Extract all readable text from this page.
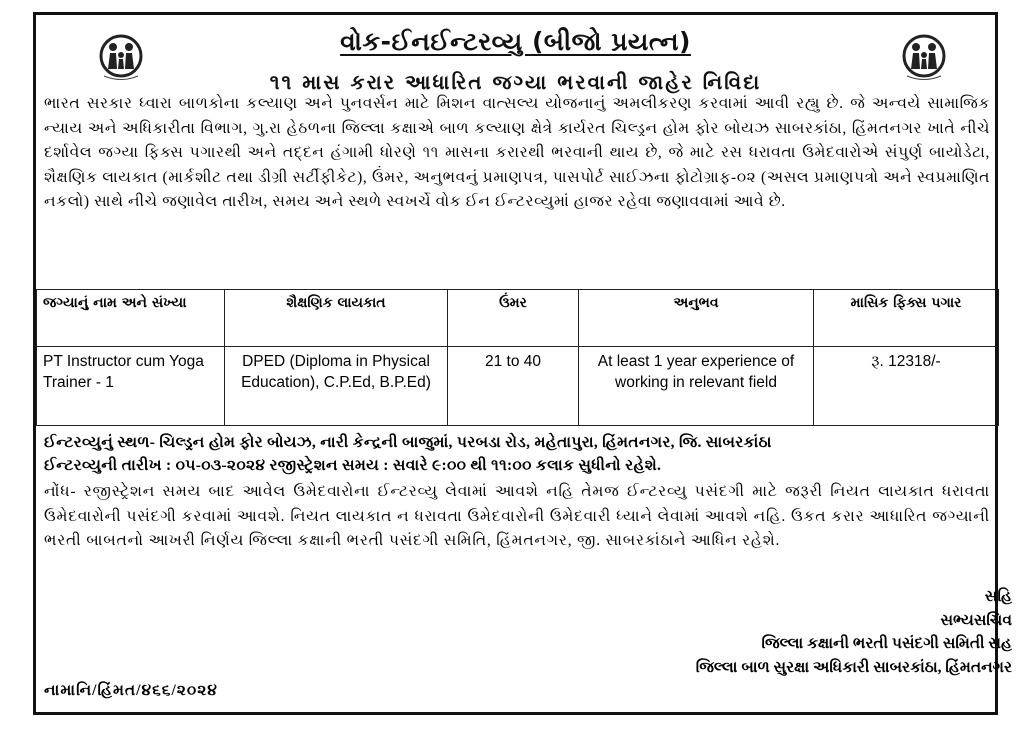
વોક-ઈનઈન્ટરવ્યુ (બીજો પ્રયત્ન)
૧૧ માસ કરાર આધારિત જગ્યા ભરવાની જાહેર નિવિદા
ભારત સરકાર ધ્વારા બાળકોના કલ્યાણ અને પુનવર્સન માટે મિશન વાત્સલ્ય યોજનાનું અમલીકરણ કરવામાં આવી રહ્યુ છે. જે અન્વયે સામાજિક ન્યાય અને અધિકારીતા વિભાગ, ગુ.રા હેઠળના જિલ્લા કક્ષાએ બાળ કલ્યાણ ક્ષેત્રે કાર્યરત ચિલ્ડ્રન હોમ ફોર બોયઝ સાબરકાંઠા, હિંમતનગર ખાતે નીચે દર્શાવેલ જગ્યા ફિક્સ પગારથી અને તદ્દન હંગામી ધોરણે ૧૧ માસના કરારથી ભરવાની થાય છે, જે માટે રસ ધરાવતા ઉમેદવારોએ સંપુર્ણ બાયોડેટા, શૈક્ષણિક લાયકાત (માર્કશીટ તથા ડીગ્રી સર્ટીફીકેટ), ઉંમર, અનુભવનું પ્રમાણપત્ર, પાસપોર્ટ સાઈઝના ફોટોગ્રાફ-૦૨ (અસલ પ્રમાણપત્રો અને સ્વપ્રમાણિત નકલો) સાથે નીચે જણાવેલ તારીખ, સમય અને સ્થળે સ્વખર્ચે વોક ઈન ઈન્ટરવ્યુમાં હાજર રહેવા જણાવવામાં આવે છે.
જગ્યાનું નામ અને સંખ્યા	શૈક્ષણિક લાયકાત	ઉંમર	અનુભવ	માસિક ફિક્સ પગાર
PT Instructor cum Yoga Trainer - 1	DPED (Diploma in Physical Education), C.P.Ed, B.P.Ed)	21 to 40	At least 1 year experience of working in relevant field	રૂ. 12318/-
ઈન્ટરવ્યુનું સ્થળ- ચિલ્ડ્રન હોમ ફોર બોયઝ, નારી કેન્દ્રની બાજુમાં, પરબડા રોડ, મહેતાપુરા, હિંમતનગર, જિ. સાબરકાંઠા
ઈન્ટરવ્યુની તારીખ : ૦૫-૦૩-૨૦૨૪ રજીસ્ટ્રેશન સમય : સવારે ૯:૦૦ થી ૧૧:૦૦ કલાક સુધીનો રહેશે.
નોંધ- રજીસ્ટ્રેશન સમય બાદ આવેલ ઉમેદવારોના ઈન્ટરવ્યુ લેવામાં આવશે નહિ તેમજ ઈન્ટરવ્યુ પસંદગી માટે જરૂરી નિયત લાયકાત ધરાવતા ઉમેદવારોની પસંદગી કરવામાં આવશે. નિયત લાયકાત ન ધરાવતા ઉમેદવારોની ઉમેદવારી ધ્યાને લેવામાં આવશે નહિ. ઉકત કરાર આધારિત જગ્યાની ભરતી બાબતનો આખરી નિર્ણય જિલ્લા કક્ષાની ભરતી પસંદગી સમિતિ, હિંમતનગર, જી. સાબરકાંઠાને આધિન રહેશે.
સહિ
સભ્યસચિવ
જિલ્લા કક્ષાની ભરતી પસંદગી સમિતી સહ
જિલ્લા બાળ સુરક્ષા અધિકારી સાબરકાંઠા, હિંમતનગર
નામાનિ/હિંમત/૪૬૬/૨૦૨૪
